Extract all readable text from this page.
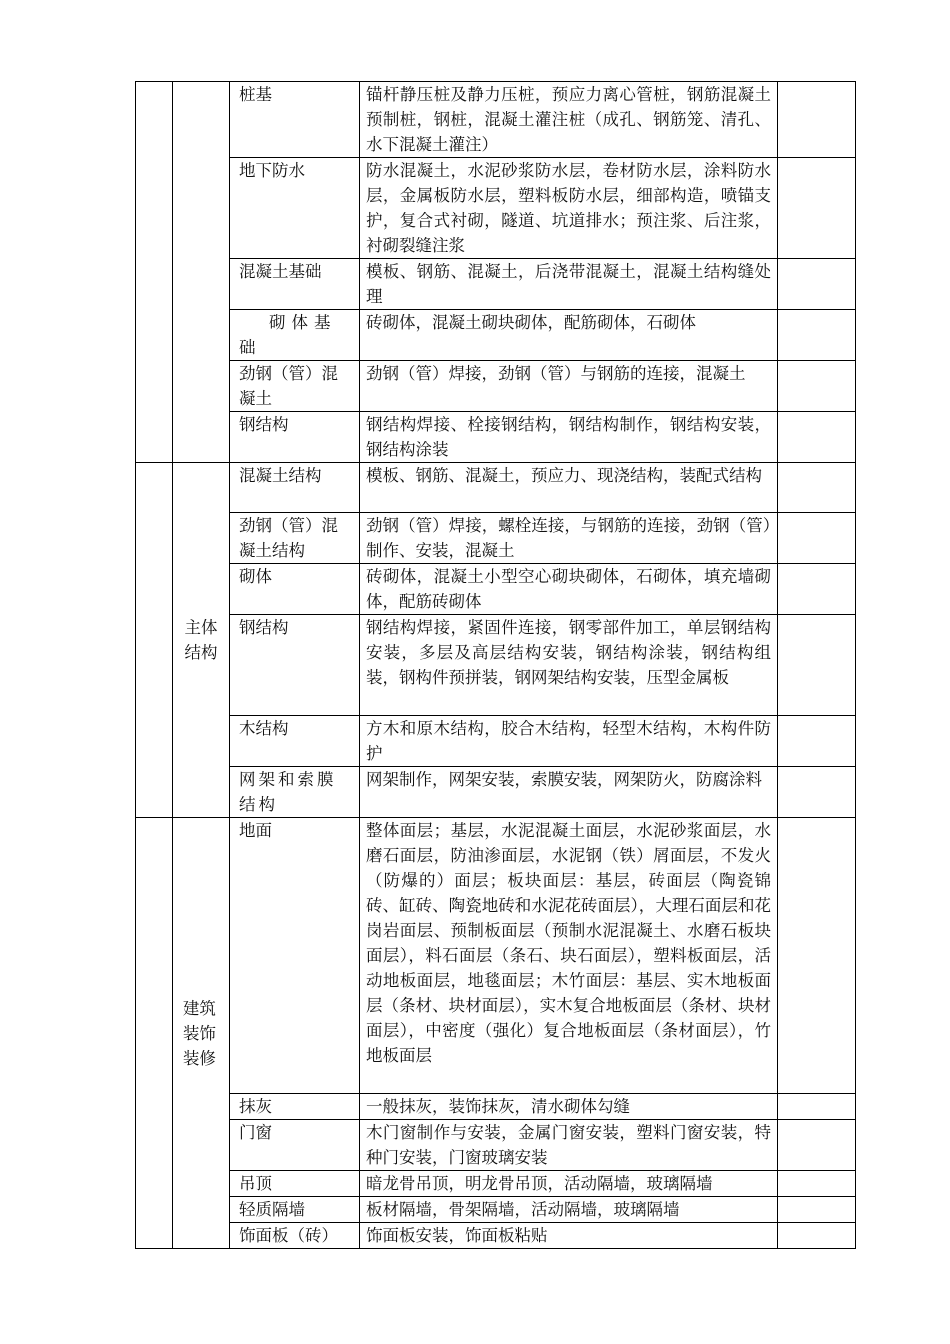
		桩基	锚杆静压桩及静力压桩，预应力离心管桩，钢筋混凝土预制桩，钢桩，混凝土灌注桩（成孔、钢筋笼、清孔、水下混凝土灌注）	
		地下防水	防水混凝土，水泥砂浆防水层，卷材防水层，涂料防水层，金属板防水层，塑料板防水层，细部构造，喷锚支护，复合式衬砌，隧道、坑道排水；预注浆、后注浆，衬砌裂缝注浆	
		混凝土基础	模板、钢筋、混凝土，后浇带混凝土，混凝土结构缝处理	
		砌体基础	砖砌体，混凝土砌块砌体，配筋砌体，石砌体	
		劲钢（管）混凝土	劲钢（管）焊接，劲钢（管）与钢筋的连接，混凝土	
		钢结构	钢结构焊接、栓接钢结构，钢结构制作，钢结构安装，钢结构涂装	
	主体结构	混凝土结构	模板、钢筋、混凝土，预应力、现浇结构，装配式结构	
		劲钢（管）混凝土结构	劲钢（管）焊接，螺栓连接，与钢筋的连接，劲钢（管）制作、安装，混凝土	
		砌体	砖砌体，混凝土小型空心砌块砌体，石砌体，填充墙砌体，配筋砖砌体	
		钢结构	钢结构焊接，紧固件连接，钢零部件加工，单层钢结构安装，多层及高层结构安装，钢结构涂装，钢结构组装，钢构件预拼装，钢网架结构安装，压型金属板	
		木结构	方木和原木结构，胶合木结构，轻型木结构，木构件防护	
		网架和索膜结构	网架制作，网架安装，索膜安装，网架防火，防腐涂料	

	建筑装饰装修	地面	整体面层；基层，水泥混凝土面层，水泥砂浆面层，水磨石面层，防油渗面层，水泥钢（铁）屑面层，不发火（防爆的）面层；板块面层：基层，砖面层（陶瓷锦砖、缸砖、陶瓷地砖和水泥花砖面层），大理石面层和花岗岩面层、预制板面层（预制水泥混凝土、水磨石板块面层），料石面层（条石、块石面层），塑料板面层，活动地板面层，地毯面层；木竹面层：基层、实木地板面层（条材、块材面层），实木复合地板面层（条材、块材面层），中密度（强化）复合地板面层（条材面层），竹地板面层	
		抹灰	一般抹灰，装饰抹灰，清水砌体勾缝	
		门窗	木门窗制作与安装，金属门窗安装，塑料门窗安装，特种门安装，门窗玻璃安装	
		吊顶	暗龙骨吊顶，明龙骨吊顶，活动隔墙，玻璃隔墙	
		轻质隔墙	板材隔墙，骨架隔墙，活动隔墙，玻璃隔墙	
		饰面板（砖）	饰面板安装，饰面板粘贴	
